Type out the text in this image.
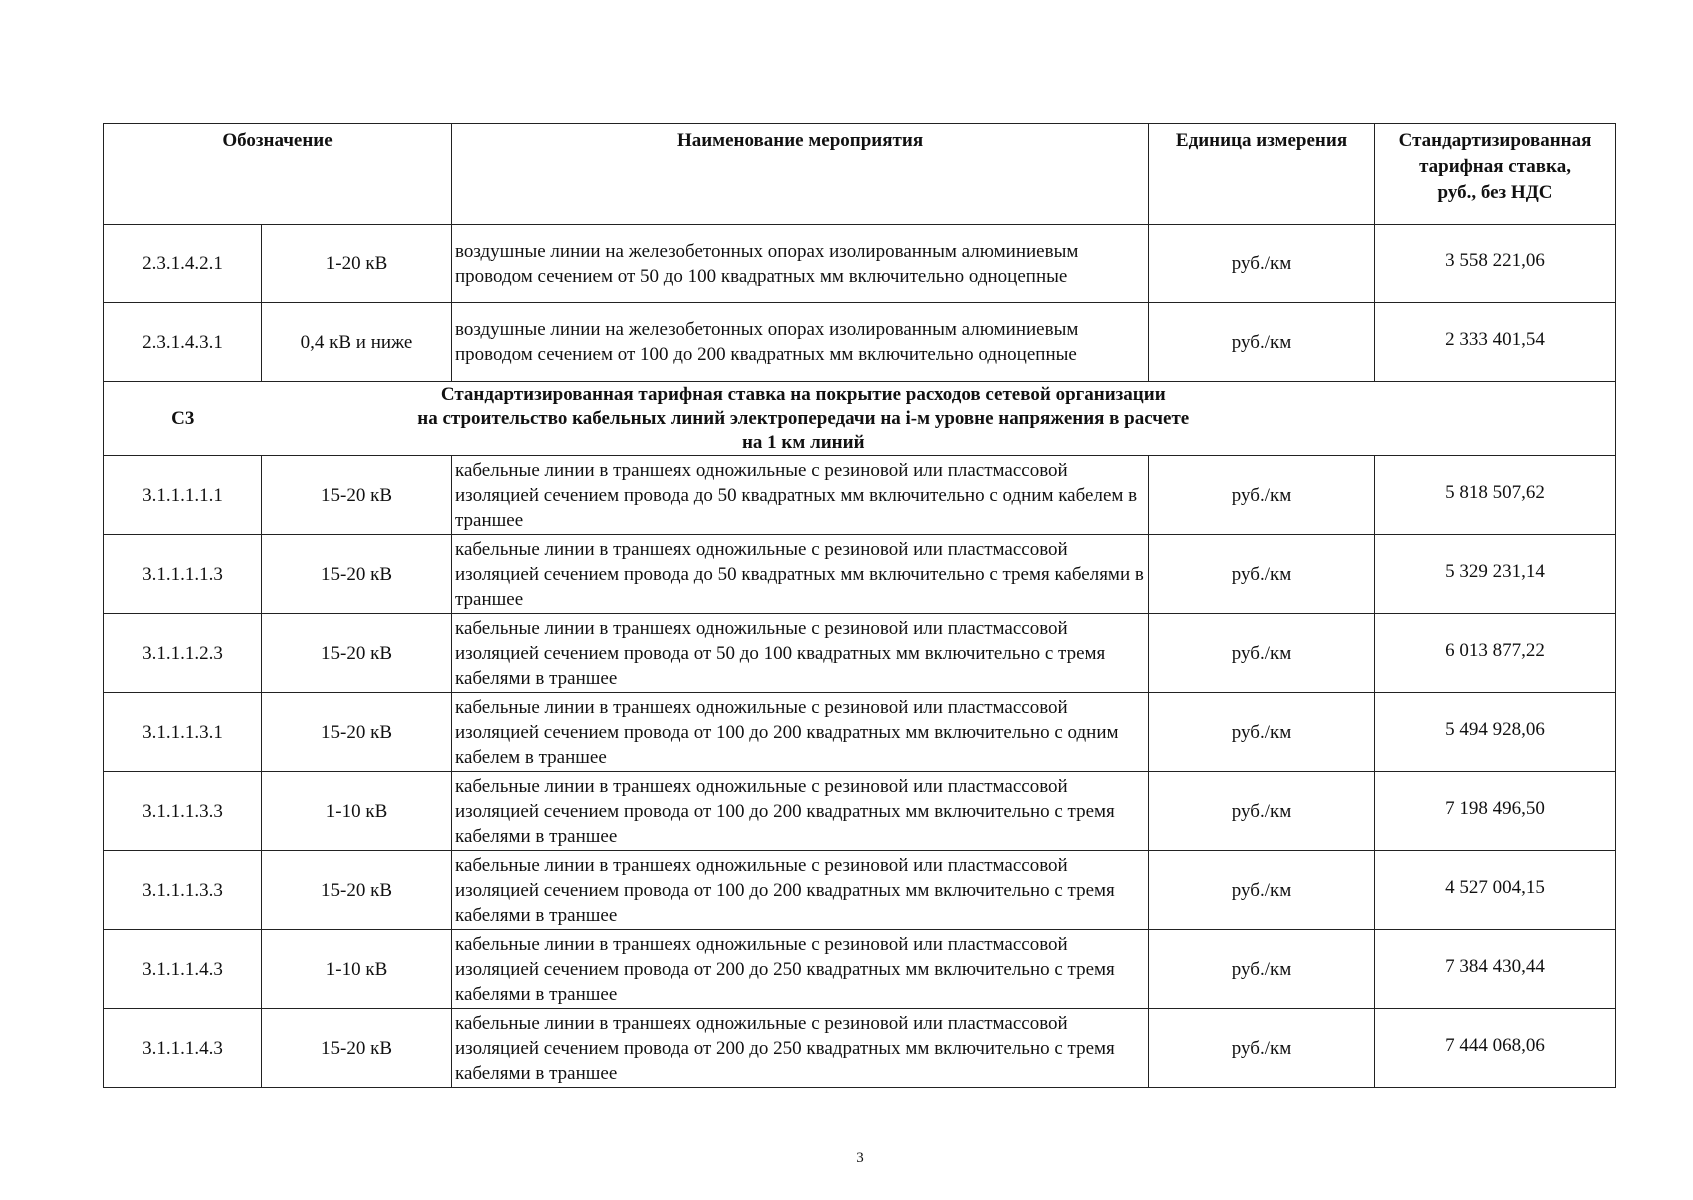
Обозначение		Наименование мероприятия	Единица измерения	Стандартизированная
тарифная ставка,
руб., без НДС

2.3.1.4.2.1	1-20 кВ	воздушные линии на железобетонных опорах изолированным алюминиевым проводом сечением от 50 до 100 квадратных мм включительно одноцепные	руб./км	3 558 221,06
2.3.1.4.3.1	0,4 кВ и ниже	воздушные линии на железобетонных опорах изолированным алюминиевым проводом сечением от 100 до 200 квадратных мм включительно одноцепные	руб./км	2 333 401,54
С3	Стандартизированная тарифная ставка на покрытие расходов сетевой организации
на строительство кабельных линий электропередачи на i-м уровне напряжения в расчете
на 1 км линий			

3.1.1.1.1.1	15-20 кВ	кабельные линии в траншеях одножильные с резиновой или пластмассовой изоляцией сечением провода до 50 квадратных мм включительно с одним кабелем в траншее	руб./км	5 818 507,62
3.1.1.1.1.3	15-20 кВ	кабельные линии в траншеях одножильные с резиновой или пластмассовой изоляцией сечением провода до 50 квадратных мм включительно с тремя кабелями в траншее	руб./км	5 329 231,14
3.1.1.1.2.3	15-20 кВ	кабельные линии в траншеях одножильные с резиновой или пластмассовой изоляцией сечением провода от 50 до 100 квадратных мм включительно с тремя кабелями в траншее	руб./км	6 013 877,22
3.1.1.1.3.1	15-20 кВ	кабельные линии в траншеях одножильные с резиновой или пластмассовой изоляцией сечением провода от 100 до 200 квадратных мм включительно с одним кабелем в траншее	руб./км	5 494 928,06
3.1.1.1.3.3	1-10 кВ	кабельные линии в траншеях одножильные с резиновой или пластмассовой изоляцией сечением провода от 100 до 200 квадратных мм включительно с тремя кабелями в траншее	руб./км	7 198 496,50
3.1.1.1.3.3	15-20 кВ	кабельные линии в траншеях одножильные с резиновой или пластмассовой изоляцией сечением провода от 100 до 200 квадратных мм включительно с тремя кабелями в траншее	руб./км	4 527 004,15
3.1.1.1.4.3	1-10 кВ	кабельные линии в траншеях одножильные с резиновой или пластмассовой изоляцией сечением провода от 200 до 250 квадратных мм включительно с тремя кабелями в траншее	руб./км	7 384 430,44
3.1.1.1.4.3	15-20 кВ	кабельные линии в траншеях одножильные с резиновой или пластмассовой изоляцией сечением провода от 200 до 250 квадратных мм включительно с тремя кабелями в траншее	руб./км	7 444 068,06
3
